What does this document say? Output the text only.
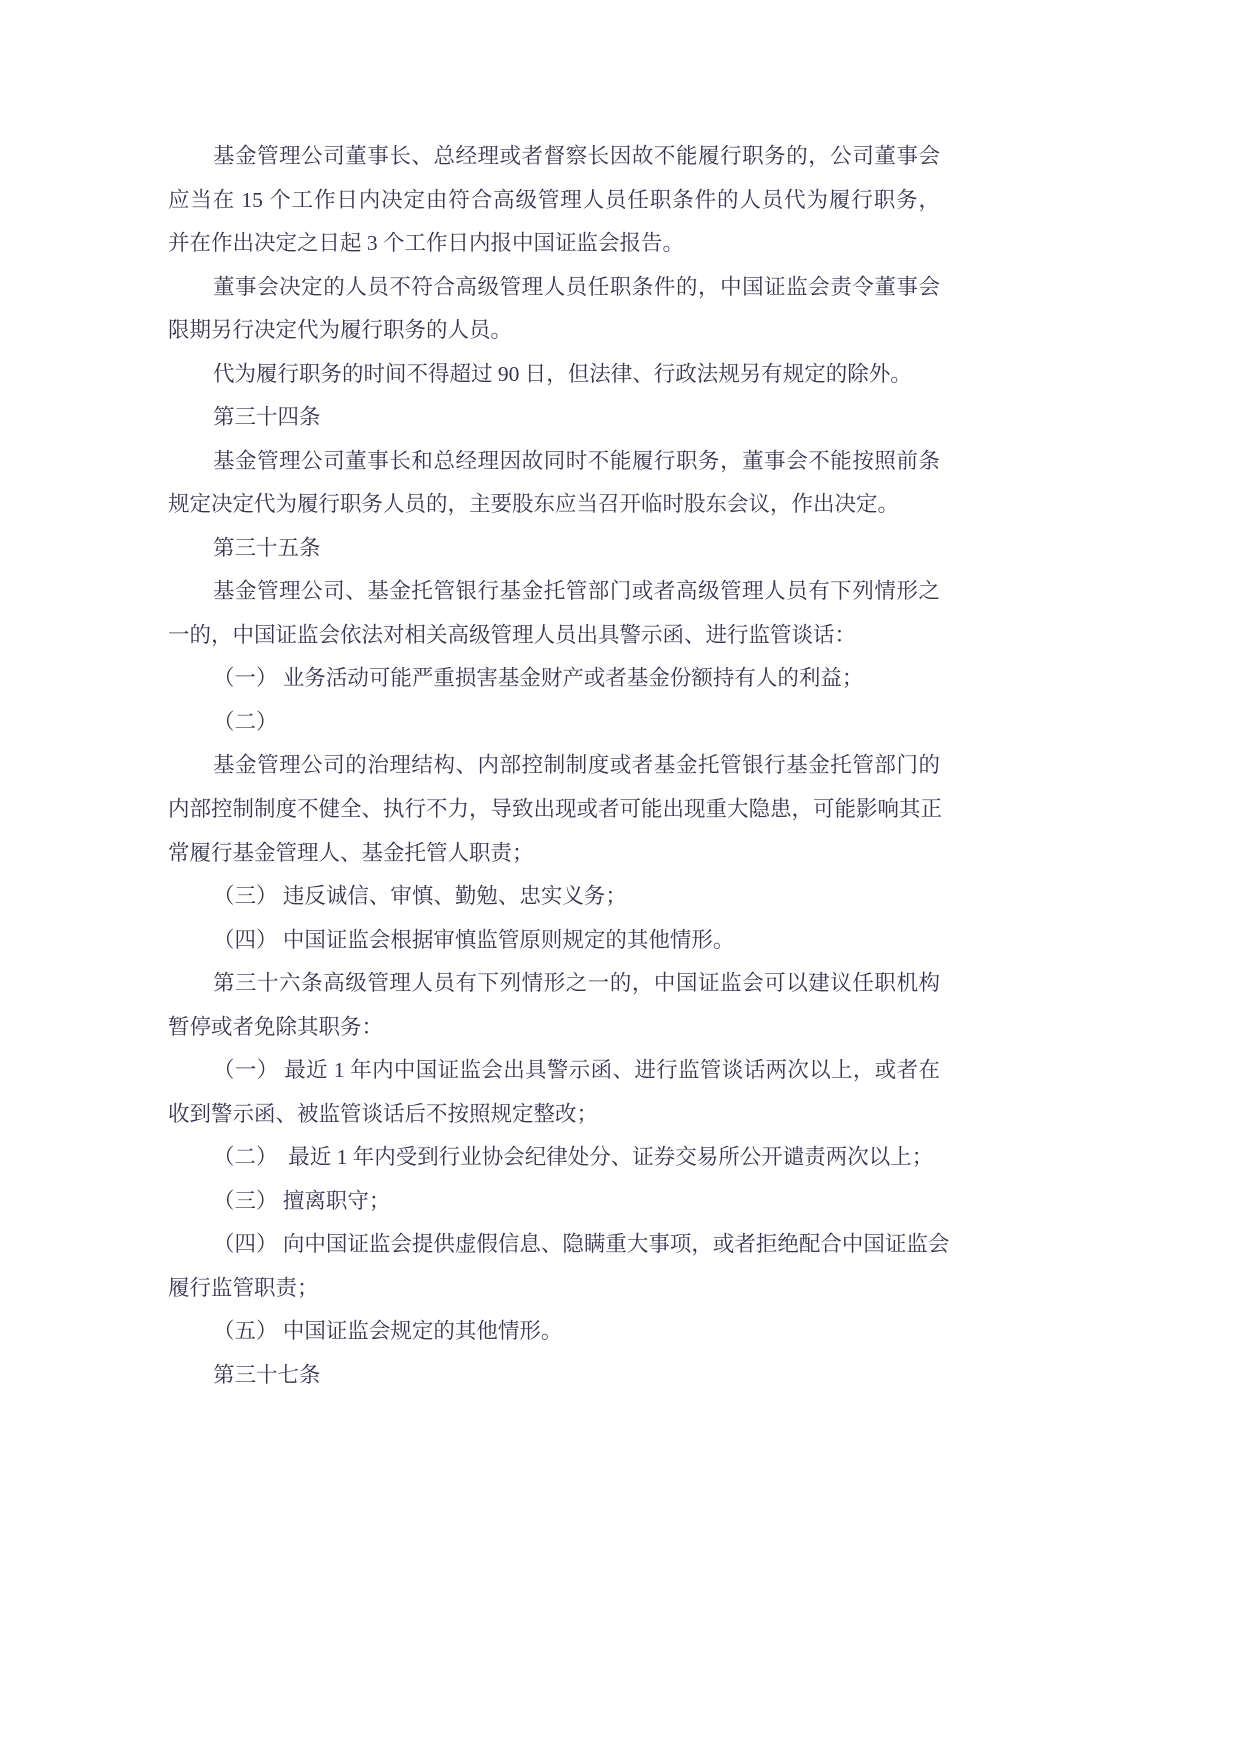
基金管理公司董事长、总经理或者督察长因故不能履行职务的，公司董事会
应当在 15 个工作日内决定由符合高级管理人员任职条件的人员代为履行职务，
并在作出决定之日起 3 个工作日内报中国证监会报告。
董事会决定的人员不符合高级管理人员任职条件的，中国证监会责令董事会
限期另行决定代为履行职务的人员。
代为履行职务的时间不得超过 90 日，但法律、行政法规另有规定的除外。
第三十四条
基金管理公司董事长和总经理因故同时不能履行职务，董事会不能按照前条
规定决定代为履行职务人员的，主要股东应当召开临时股东会议，作出决定。
第三十五条
基金管理公司、基金托管银行基金托管部门或者高级管理人员有下列情形之
一的，中国证监会依法对相关高级管理人员出具警示函、进行监管谈话：
（一） 业务活动可能严重损害基金财产或者基金份额持有人的利益；
（二）
基金管理公司的治理结构、内部控制制度或者基金托管银行基金托管部门的
内部控制制度不健全、执行不力，导致出现或者可能出现重大隐患，可能影响其正
常履行基金管理人、基金托管人职责；
（三） 违反诚信、审慎、勤勉、忠实义务；
（四） 中国证监会根据审慎监管原则规定的其他情形。
第三十六条高级管理人员有下列情形之一的，中国证监会可以建议任职机构
暂停或者免除其职务：
（一） 最近 1 年内中国证监会出具警示函、进行监管谈话两次以上，或者在
收到警示函、被监管谈话后不按照规定整改；
（二）  最近 1 年内受到行业协会纪律处分、证券交易所公开谴责两次以上；
（三） 擅离职守；
（四） 向中国证监会提供虚假信息、隐瞒重大事项，或者拒绝配合中国证监会
履行监管职责；
（五） 中国证监会规定的其他情形。
第三十七条
